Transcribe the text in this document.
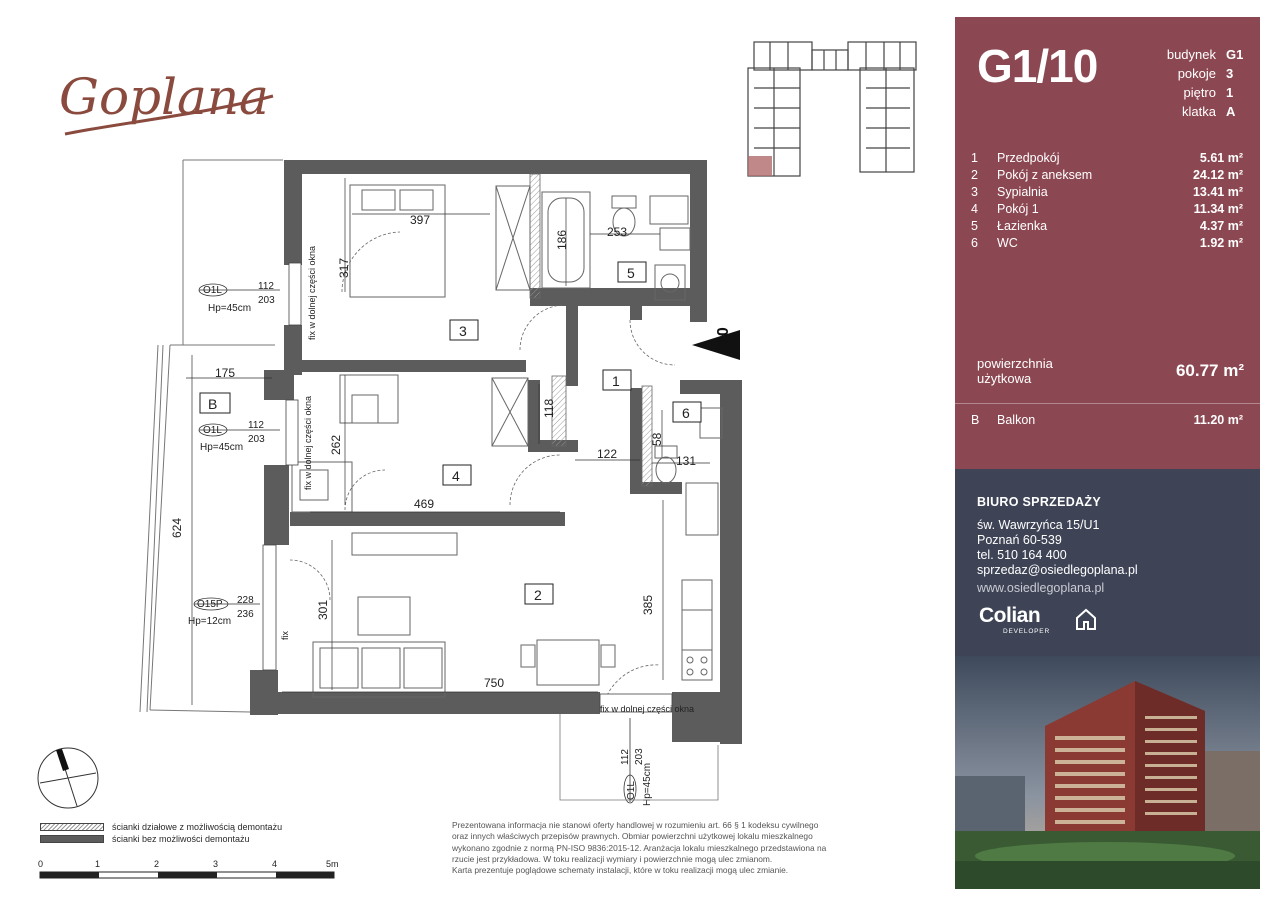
Goplana
10
1
2
3
4
5
6
B
397
317
186	253
175
262
118
122
58
131
469
624
301	385
750
fix w dolnej części okna
fix w dolnej części okna
fix
fix w dolnej części okna
O1L	112
203
Hp=45cm
O1L	112
203
Hp=45cm
O15P 228
236
Hp=12cm
O1L
112 203
Hp=45cm
ścianki działowe z możliwością demontażu
ścianki bez możliwości demontażu
0	1	2	3	4	5m
Prezentowana informacja nie stanowi oferty handlowej w rozumieniu art. 66 § 1 kodeksu cywilnego
oraz innych właściwych przepisów prawnych. Obmiar powierzchni użytkowej lokalu mieszkalnego
wykonano zgodnie z normą PN-ISO 9836:2015-12. Aranżacja lokalu mieszkalnego przedstawiona na
rzucie jest przykładowa. W toku realizacji wymiary i powierzchnie mogą ulec zmianom.
Karta prezentuje poglądowe schematy instalacji, które w toku realizacji mogą ulec zmianie.
G1/10	budynek G1
pokoje 3
piętro 1
klatka A
1	Przedpokój	5.61 m²
2	Pokój z aneksem	24.12 m²
3	Sypialnia	13.41 m²
4	Pokój 1	11.34 m²
5	Łazienka	4.37 m²
6	WC	1.92 m²
powierzchnia
użytkowa	60.77 m²
B	Balkon	11.20 m²
BIURO SPRZEDAŻY
św. Wawrzyńca 15/U1
Poznań 60-539
tel. 510 164 400
sprzedaz@osiedlegoplana.pl
www.osiedlegoplana.pl
Colian
DEVELOPER
